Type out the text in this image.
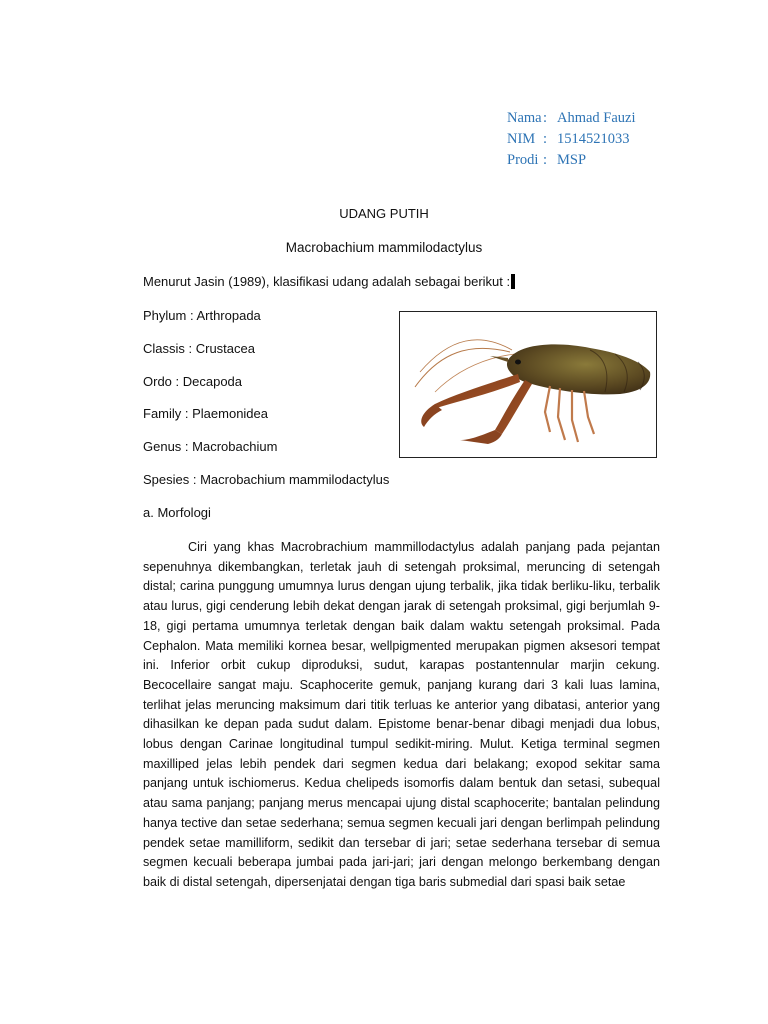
Nama : Ahmad Fauzi
NIM : 1514521033
Prodi : MSP
UDANG PUTIH
Macrobachium mammilodactylus
Menurut Jasin (1989), klasifikasi udang adalah sebagai berikut :
Phylum : Arthropada
Classis : Crustacea
Ordo : Decapoda
Family : Plaemonidea
Genus : Macrobachium
Spesies : Macrobachium mammilodactylus
a. Morfologi
Ciri yang khas Macrobrachium mammillodactylus adalah panjang pada pejantan sepenuhnya dikembangkan, terletak jauh di setengah proksimal, meruncing di setengah distal; carina punggung umumnya lurus dengan ujung terbalik, jika tidak berliku-liku, terbalik atau lurus, gigi cenderung lebih dekat dengan jarak di setengah proksimal, gigi berjumlah 9-18, gigi pertama umumnya terletak dengan baik dalam waktu setengah proksimal. Pada Cephalon. Mata memiliki kornea besar, wellpigmented merupakan pigmen aksesori tempat ini. Inferior orbit cukup diproduksi, sudut, karapas postantennular marjin cekung. Becocellaire sangat maju. Scaphocerite gemuk, panjang kurang dari 3 kali luas lamina, terlihat jelas meruncing maksimum dari titik terluas ke anterior yang dibatasi, anterior yang dihasilkan ke depan pada sudut dalam. Epistome benar-benar dibagi menjadi dua lobus, lobus dengan Carinae longitudinal tumpul sedikit-miring. Mulut. Ketiga terminal segmen maxilliped jelas lebih pendek dari segmen kedua dari belakang; exopod sekitar sama panjang untuk ischiomerus. Kedua chelipeds isomorfis dalam bentuk dan setasi, subequal atau sama panjang; panjang merus mencapai ujung distal scaphocerite; bantalan pelindung hanya tective dan setae sederhana; semua segmen kecuali jari dengan berlimpah pelindung pendek setae mamilliform, sedikit dan tersebar di jari; setae sederhana tersebar di semua segmen kecuali beberapa jumbai pada jari-jari; jari dengan melongo berkembang dengan baik di distal setengah, dipersenjatai dengan tiga baris submedial dari spasi baik setae
